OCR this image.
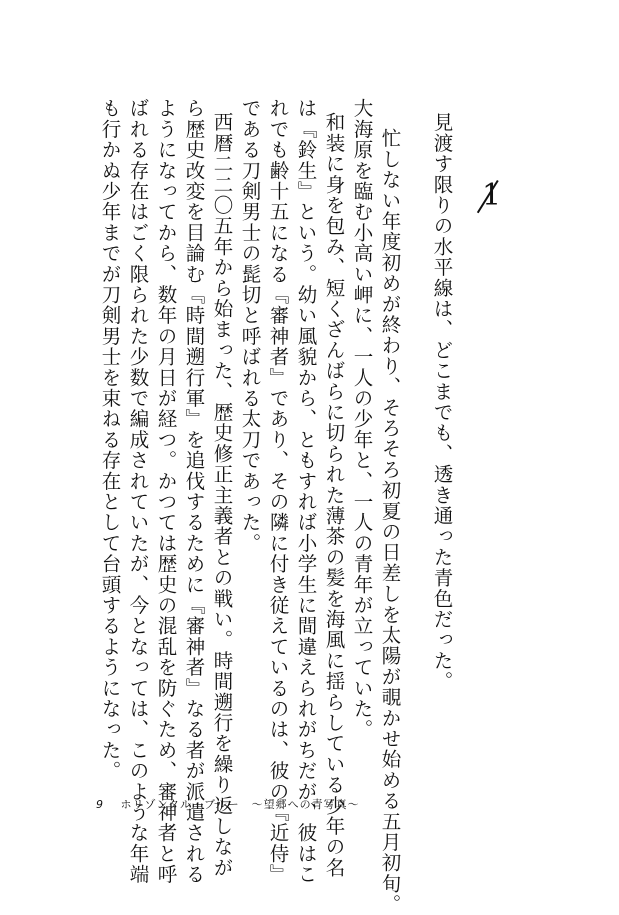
1
見渡す限りの水平線は、どこまでも、透き通った青色だった。
忙しない年度初めが終わり、そろそろ初夏の日差しを太陽が覗かせ始める五月初旬。
大海原を臨む小高い岬に、一人の少年と、一人の青年が立っていた。
和装に身を包み、短くざんばらに切られた薄茶の髪を海風に揺らしている少年の名
は『鈴生』という。幼い風貌から、ともすれば小学生に間違えられがちだが、彼はこ
れでも齢十五になる『審神者』であり、その隣に付き従えているのは、彼の『近侍』
である刀剣男士の髭切と呼ばれる太刀であった。
西暦二二〇五年から始まった、歴史修正主義者との戦い。時間遡行を繰り返しなが
ら歴史改変を目論む『時間遡行軍』を追伐するために『審神者』なる者が派遣される
ようになってから、数年の月日が経つ。かつては歴史の混乱を防ぐため、審神者と呼
ばれる存在はごく限られた少数で編成されていたが、今となっては、このような年端
も行かぬ少年までが刀剣男士を束ねる存在として台頭するようになった。
9 ホリゾンタル・ブルー　～望郷への青写真～
